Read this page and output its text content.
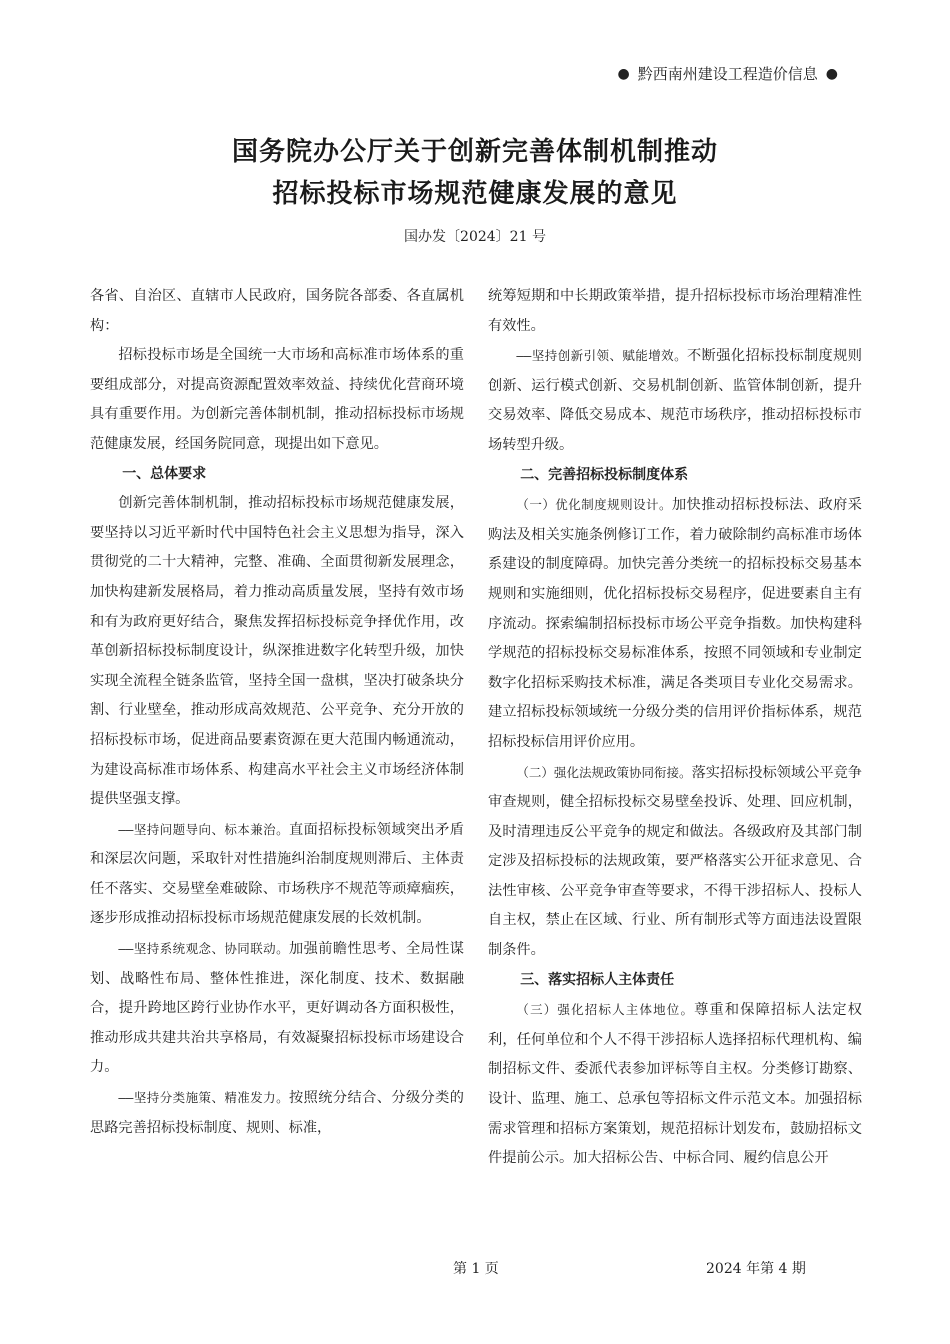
● 黔西南州建设工程造价信息 ●
国务院办公厅关于创新完善体制机制推动
招标投标市场规范健康发展的意见
国办发〔2024〕21 号

各省、自治区、直辖市人民政府，国务院各部委、各直属机构：

招标投标市场是全国统一大市场和高标准市场体系的重要组成部分，对提高资源配置效率效益、持续优化营商环境具有重要作用。为创新完善体制机制，推动招标投标市场规范健康发展，经国务院同意，现提出如下意见。

一、总体要求

创新完善体制机制，推动招标投标市场规范健康发展，要坚持以习近平新时代中国特色社会主义思想为指导，深入贯彻党的二十大精神，完整、准确、全面贯彻新发展理念，加快构建新发展格局，着力推动高质量发展，坚持有效市场和有为政府更好结合，聚焦发挥招标投标竞争择优作用，改革创新招标投标制度设计，纵深推进数字化转型升级，加快实现全流程全链条监管，坚持全国一盘棋，坚决打破条块分割、行业壁垒，推动形成高效规范、公平竞争、充分开放的招标投标市场，促进商品要素资源在更大范围内畅通流动，为建设高标准市场体系、构建高水平社会主义市场经济体制提供坚强支撑。

——坚持问题导向、标本兼治。直面招标投标领域突出矛盾和深层次问题，采取针对性措施纠治制度规则滞后、主体责任不落实、交易壁垒难破除、市场秩序不规范等顽瘴痼疾，逐步形成推动招标投标市场规范健康发展的长效机制。

——坚持系统观念、协同联动。加强前瞻性思考、全局性谋划、战略性布局、整体性推进，深化制度、技术、数据融合，提升跨地区跨行业协作水平，更好调动各方面积极性，推动形成共建共治共享格局，有效凝聚招标投标市场建设合力。

——坚持分类施策、精准发力。按照统分结合、分级分类的思路完善招标投标制度、规则、标准，

统筹短期和中长期政策举措，提升招标投标市场治理精准性有效性。

——坚持创新引领、赋能增效。不断强化招标投标制度规则创新、运行模式创新、交易机制创新、监管体制创新，提升交易效率、降低交易成本、规范市场秩序，推动招标投标市场转型升级。

二、完善招标投标制度体系

（一）优化制度规则设计。加快推动招标投标法、政府采购法及相关实施条例修订工作，着力破除制约高标准市场体系建设的制度障碍。加快完善分类统一的招标投标交易基本规则和实施细则，优化招标投标交易程序，促进要素自主有序流动。探索编制招标投标市场公平竞争指数。加快构建科学规范的招标投标交易标准体系，按照不同领域和专业制定数字化招标采购技术标准，满足各类项目专业化交易需求。建立招标投标领域统一分级分类的信用评价指标体系，规范招标投标信用评价应用。

（二）强化法规政策协同衔接。落实招标投标领域公平竞争审查规则，健全招标投标交易壁垒投诉、处理、回应机制，及时清理违反公平竞争的规定和做法。各级政府及其部门制定涉及招标投标的法规政策，要严格落实公开征求意见、合法性审核、公平竞争审查等要求，不得干涉招标人、投标人自主权，禁止在区域、行业、所有制形式等方面违法设置限制条件。

三、落实招标人主体责任

（三）强化招标人主体地位。尊重和保障招标人法定权利，任何单位和个人不得干涉招标人选择招标代理机构、编制招标文件、委派代表参加评标等自主权。分类修订勘察、设计、监理、施工、总承包等招标文件示范文本。加强招标需求管理和招标方案策划，规范招标计划发布，鼓励招标文件提前公示。加大招标公告、中标合同、履约信息公开

第 1 页	2024 年第 4 期
